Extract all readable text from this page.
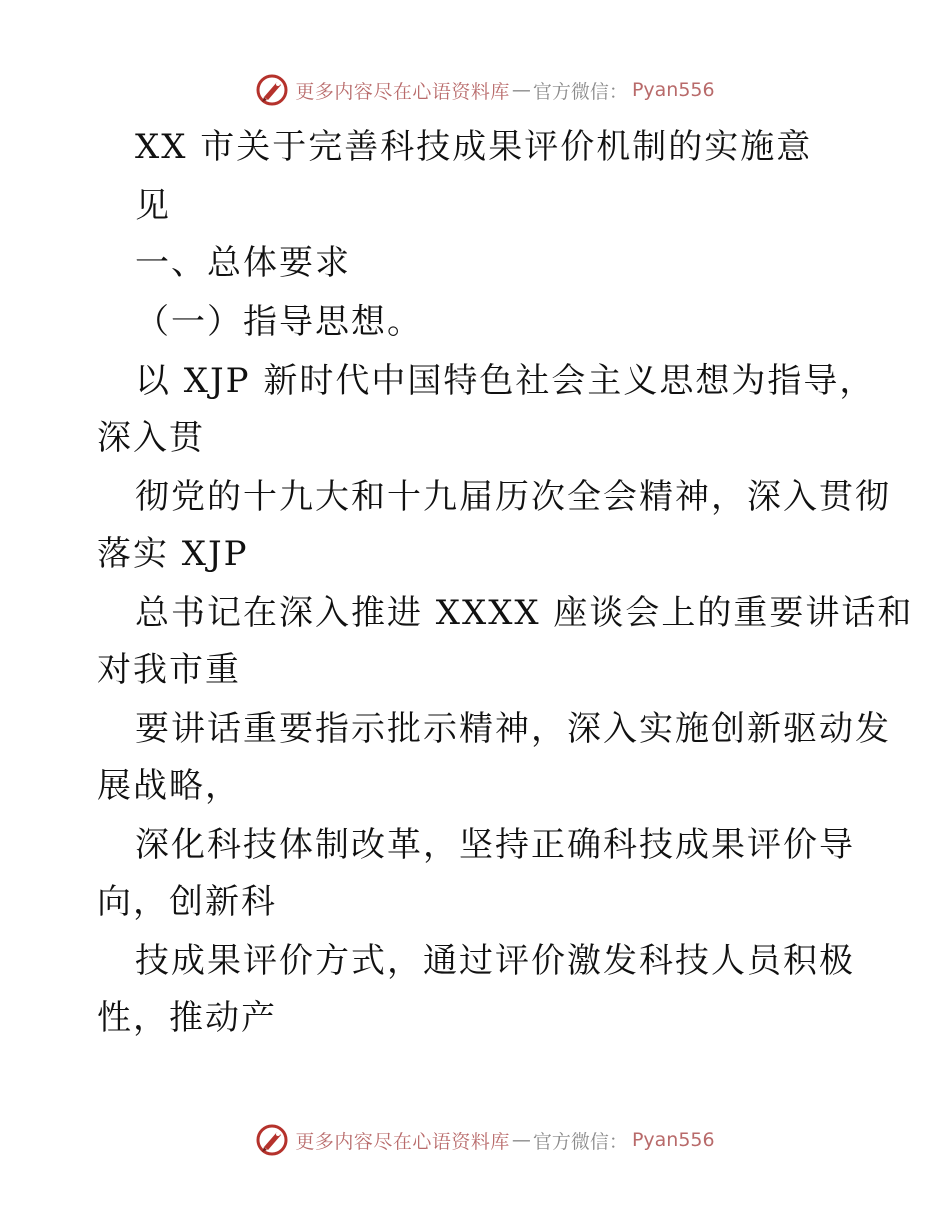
更多内容尽在心语资料库 — 官方微信： Pyan556
XX 市关于完善科技成果评价机制的实施意
见
一、总体要求
（一）指导思想。
以 XJP 新时代中国特色社会主义思想为指导，
深入贯
彻党的十九大和十九届历次全会精神，深入贯彻
落实 XJP
总书记在深入推进 XXXX 座谈会上的重要讲话和
对我市重
要讲话重要指示批示精神，深入实施创新驱动发
展战略，
深化科技体制改革，坚持正确科技成果评价导
向，创新科
技成果评价方式，通过评价激发科技人员积极
性，推动产
更多内容尽在心语资料库 — 官方微信： Pyan556
